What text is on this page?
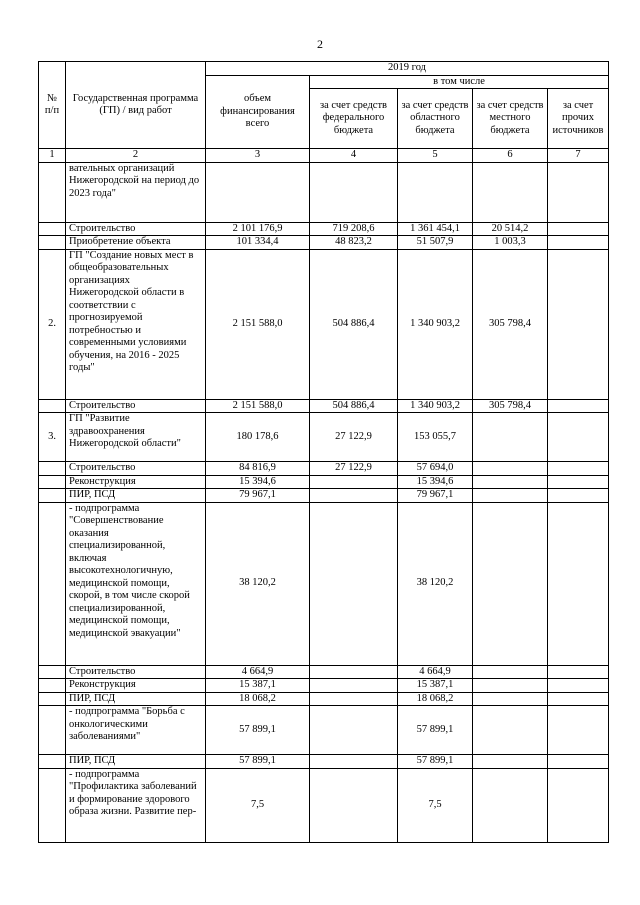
2
№ п/п	Государственная программа (ГП) / вид работ	2019 год				
		объем финансирования всего	в том числе			
			за счет средств федерального бюджета	за счет средств областного бюджета	за счет средств местного бюджета	за счет прочих источников
1	2	3	4	5	6	7
	вательных организаций Нижегородской на период до 2023 года"					
	Строительство	2 101 176,9	719 208,6	1 361 454,1	20 514,2	
	Приобретение объекта	101 334,4	48 823,2	51 507,9	1 003,3	
2.	ГП "Создание новых мест в общеобразовательных организациях Нижегородской области в соответствии с прогнозируемой потребностью и современными условиями обучения, на 2016 - 2025 годы"	2 151 588,0	504 886,4	1 340 903,2	305 798,4	
	Строительство	2 151 588,0	504 886,4	1 340 903,2	305 798,4	
3.	ГП "Развитие здравоохранения Нижегородской области"	180 178,6	27 122,9	153 055,7		
	Строительство	84 816,9	27 122,9	57 694,0		
	Реконструкция	15 394,6		15 394,6		
	ПИР, ПСД	79 967,1		79 967,1		
	- подпрограмма "Совершенствование оказания специализированной, включая высокотехнологичную, медицинской помощи, скорой, в том числе скорой специализированной, медицинской помощи, медицинской эвакуации"	38 120,2		38 120,2		
	Строительство	4 664,9		4 664,9		
	Реконструкция	15 387,1		15 387,1		
	ПИР, ПСД	18 068,2		18 068,2		
	- подпрограмма "Борьба с онкологическими заболеваниями"	57 899,1		57 899,1		
	ПИР, ПСД	57 899,1		57 899,1		
	- подпрограмма "Профилактика заболеваний и формирование здорового образа жизни. Развитие пер-	7,5		7,5		
